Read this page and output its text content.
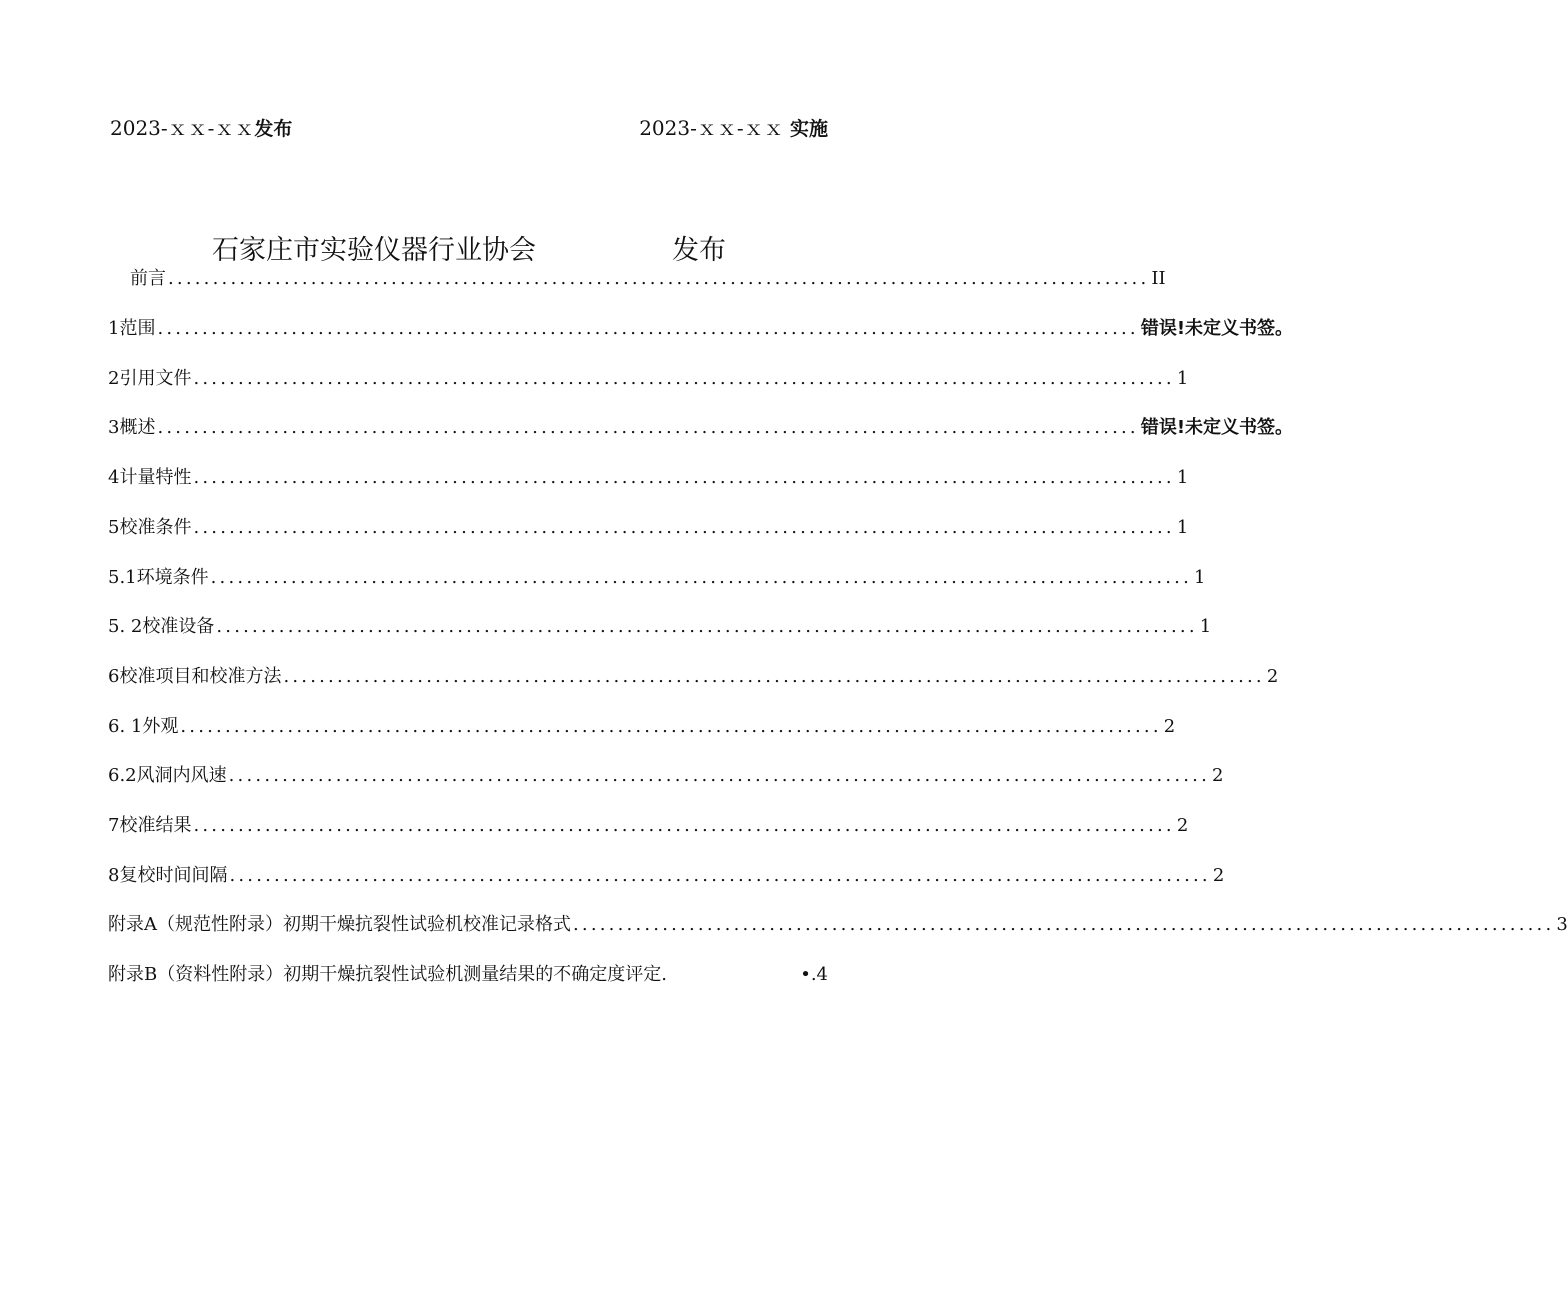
2023-ｘｘ-ｘｘ发布	2023-ｘｘ-ｘｘ 实施
石家庄市实验仪器行业协会	发布
前言 .............................................................................................................. II
1范围 .............................................................................................................. 错误!未定义书签。
2引用文件 .............................................................................................................. 1
3概述 .............................................................................................................. 错误!未定义书签。
4计量特性 .............................................................................................................. 1
5校准条件 .............................................................................................................. 1
5.1环境条件 .............................................................................................................. 1
5. 2校准设备 .............................................................................................................. 1
6校准项目和校准方法 .............................................................................................................. 2
6. 1外观 .............................................................................................................. 2
6.2风洞内风速 .............................................................................................................. 2
7校准结果 .............................................................................................................. 2
8复校时间间隔 .............................................................................................................. 2
附录A（规范性附录）初期干燥抗裂性试验机校准记录格式 .............................................................................................................. 3
附录B（资料性附录）初期干燥抗裂性试验机测量结果的不确定度评定.	•.4
